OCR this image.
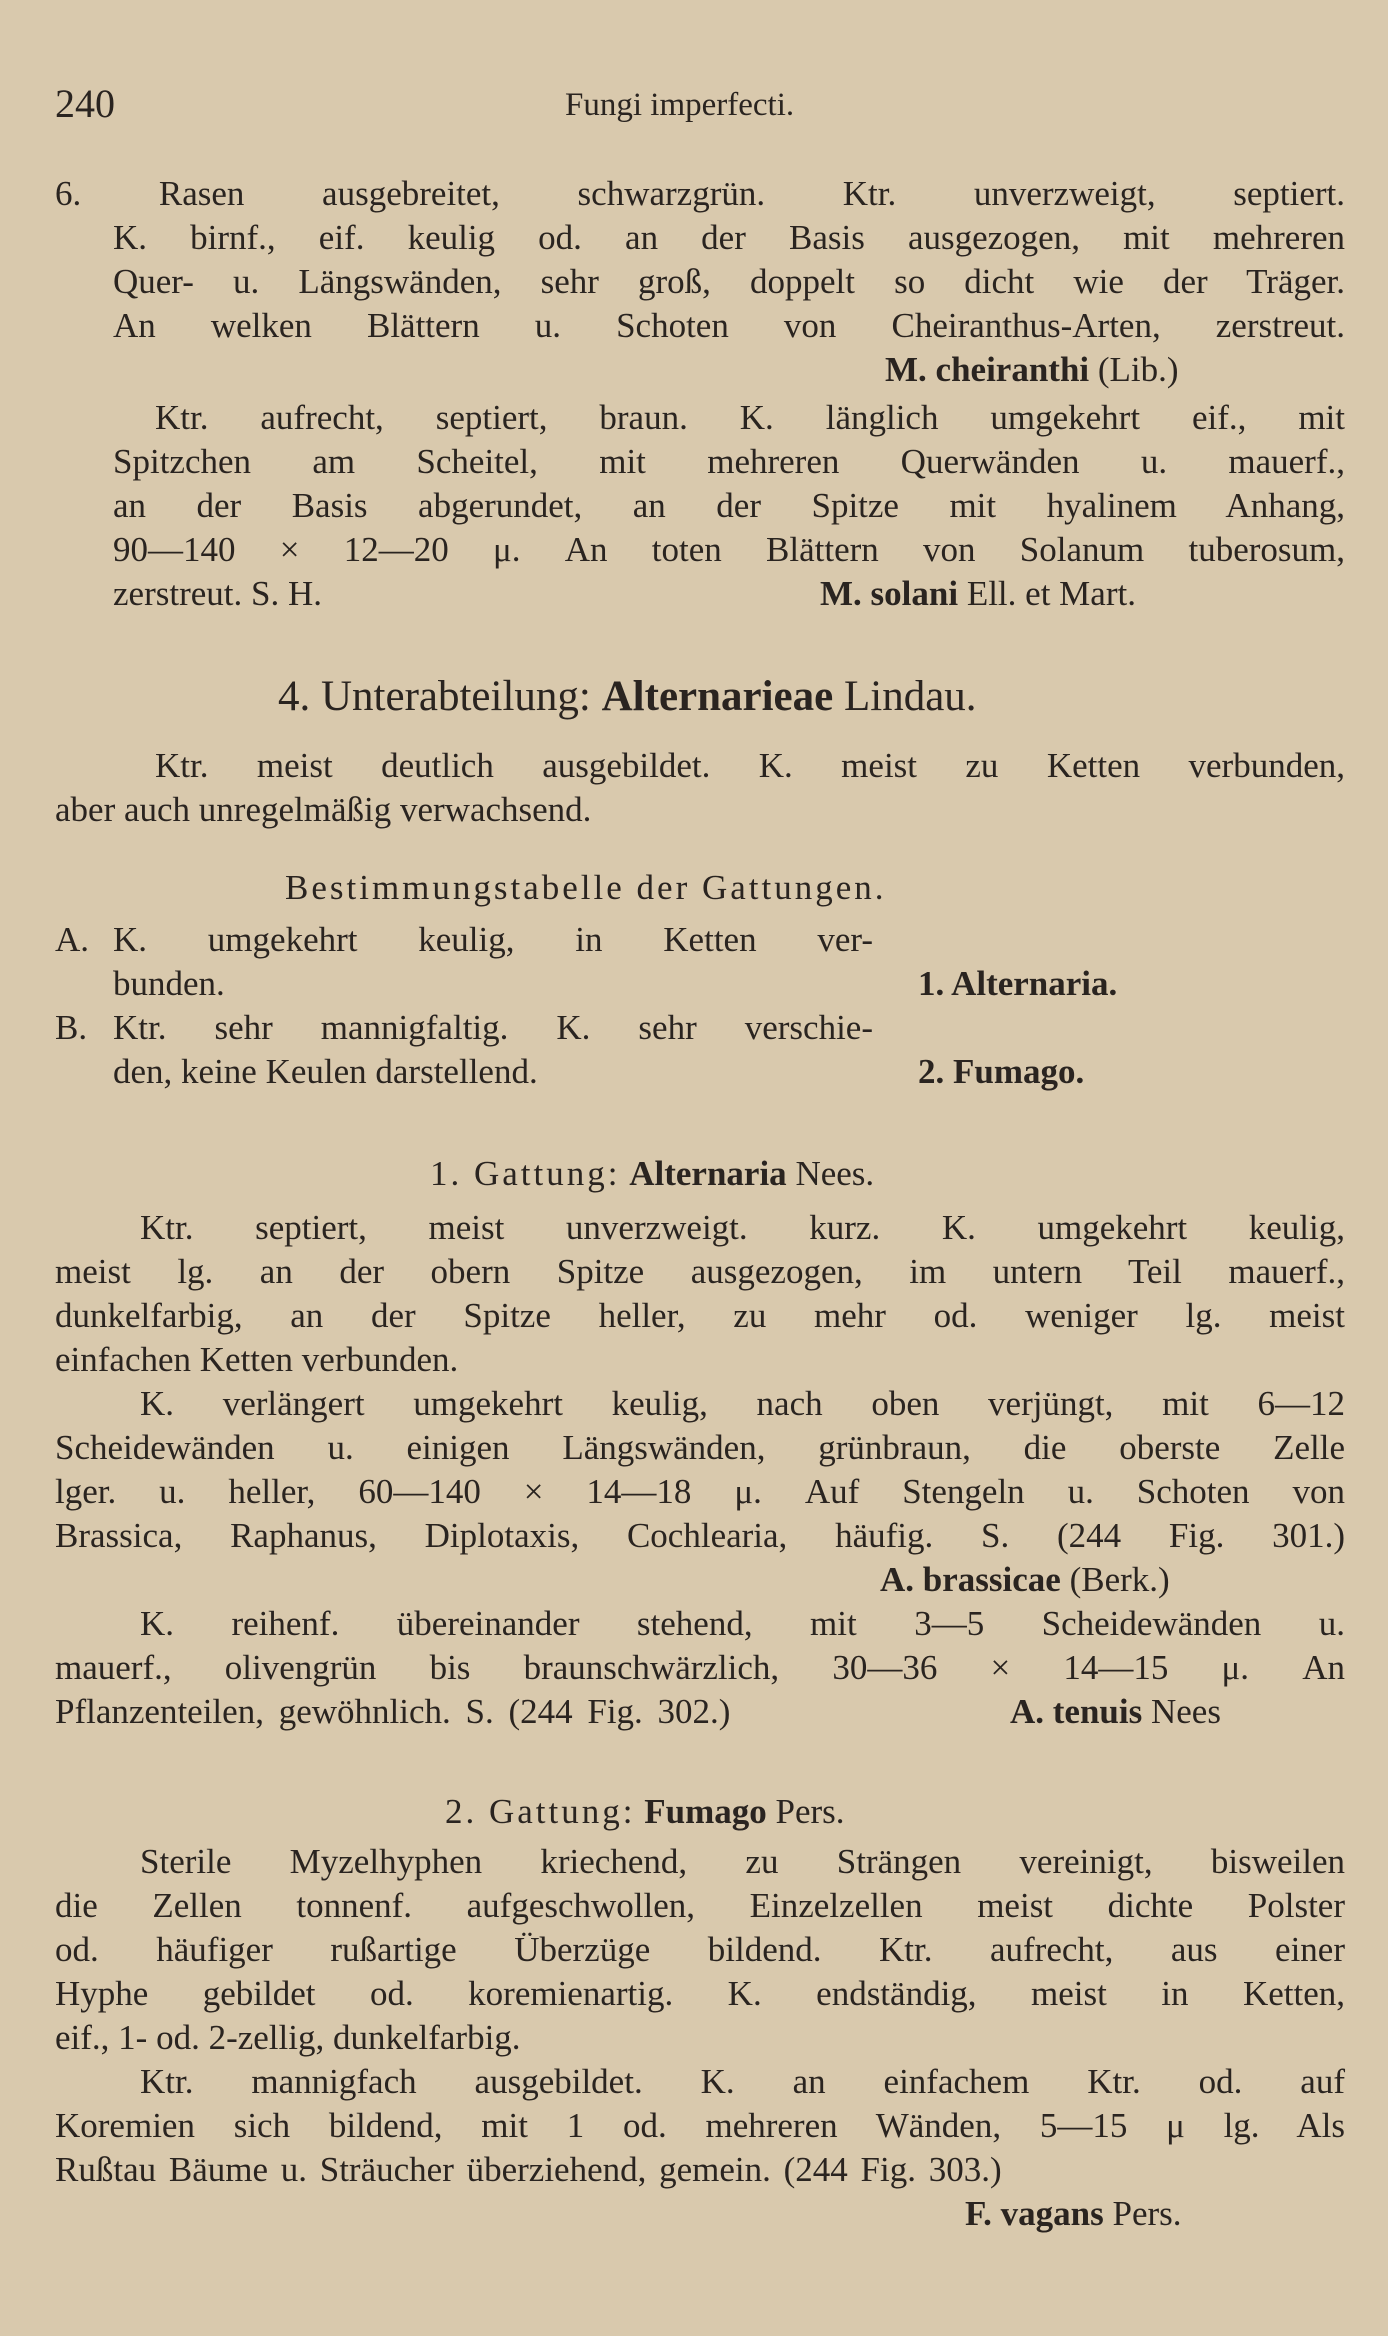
240	Fungi imperfecti.
6. Rasen ausgebreitet, schwarzgrün. Ktr. unverzweigt, septiert.
K. birnf., eif. keulig od. an der Basis ausgezogen, mit mehreren
Quer- u. Längswänden, sehr groß, doppelt so dicht wie der Träger.
An welken Blättern u. Schoten von Cheiranthus-Arten, zerstreut.
M. cheiranthi (Lib.)
Ktr. aufrecht, septiert, braun. K. länglich umgekehrt eif., mit
Spitzchen am Scheitel, mit mehreren Querwänden u. mauerf.,
an der Basis abgerundet, an der Spitze mit hyalinem Anhang,
90—140 × 12—20 μ. An toten Blättern von Solanum tuberosum,
zerstreut. S. H.	M. solani Ell. et Mart.
4. Unterabteilung: Alternarieae Lindau.
Ktr. meist deutlich ausgebildet. K. meist zu Ketten verbunden,
aber auch unregelmäßig verwachsend.
Bestimmungstabelle der Gattungen.
A. K. umgekehrt keulig, in Ketten ver-
bunden.	1. Alternaria.
B. Ktr. sehr mannigfaltig. K. sehr verschie-
den, keine Keulen darstellend.	2. Fumago.
1. Gattung: Alternaria Nees.
Ktr. septiert, meist unverzweigt. kurz. K. umgekehrt keulig,
meist lg. an der obern Spitze ausgezogen, im untern Teil mauerf.,
dunkelfarbig, an der Spitze heller, zu mehr od. weniger lg. meist
einfachen Ketten verbunden.
K. verlängert umgekehrt keulig, nach oben verjüngt, mit 6—12
Scheidewänden u. einigen Längswänden, grünbraun, die oberste Zelle
lger. u. heller, 60—140 × 14—18 μ. Auf Stengeln u. Schoten von
Brassica, Raphanus, Diplotaxis, Cochlearia, häufig. S. (244 Fig. 301.)
A. brassicae (Berk.)
K. reihenf. übereinander stehend, mit 3—5 Scheidewänden u.
mauerf., olivengrün bis braunschwärzlich, 30—36 × 14—15 μ. An
Pflanzenteilen, gewöhnlich. S. (244 Fig. 302.)	A. tenuis Nees
2. Gattung: Fumago Pers.
Sterile Myzelhyphen kriechend, zu Strängen vereinigt, bisweilen
die Zellen tonnenf. aufgeschwollen, Einzelzellen meist dichte Polster
od. häufiger rußartige Überzüge bildend. Ktr. aufrecht, aus einer
Hyphe gebildet od. koremienartig. K. endständig, meist in Ketten,
eif., 1- od. 2-zellig, dunkelfarbig.
Ktr. mannigfach ausgebildet. K. an einfachem Ktr. od. auf
Koremien sich bildend, mit 1 od. mehreren Wänden, 5—15 μ lg. Als
Rußtau Bäume u. Sträucher überziehend, gemein. (244 Fig. 303.)
F. vagans Pers.
